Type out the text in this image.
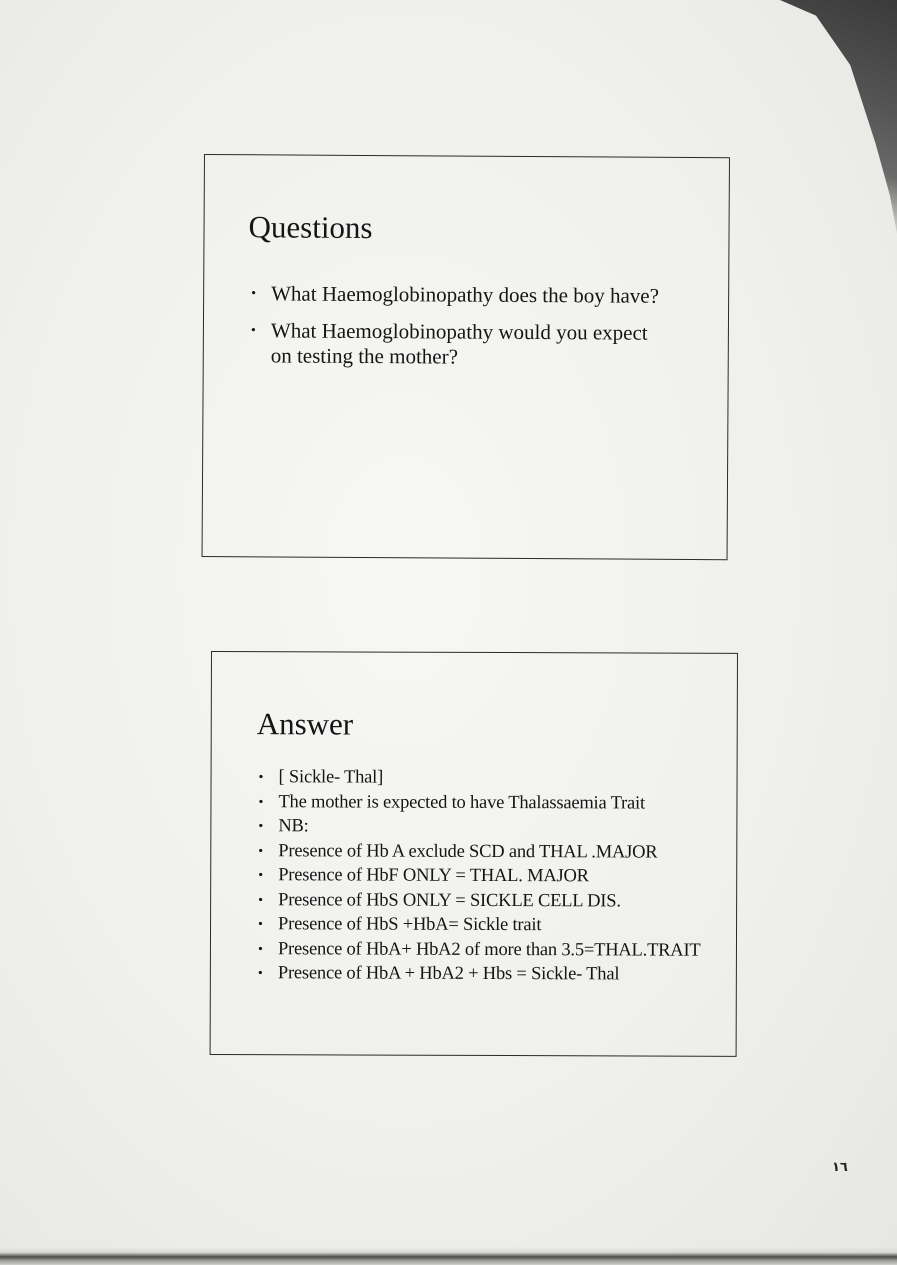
Questions
• What Haemoglobinopathy does the boy have?
• What Haemoglobinopathy would you expect on testing the mother?
Answer
• [ Sickle- Thal]
• The mother is expected to have Thalassaemia Trait
• NB:
• Presence of Hb A exclude SCD and THAL .MAJOR
• Presence of HbF ONLY = THAL. MAJOR
• Presence of HbS ONLY = SICKLE CELL DIS.
• Presence of HbS +HbA= Sickle trait
• Presence of HbA+ HbA2 of more than 3.5=THAL.TRAIT
• Presence of HbA + HbA2 + Hbs = Sickle- Thal
١٦
